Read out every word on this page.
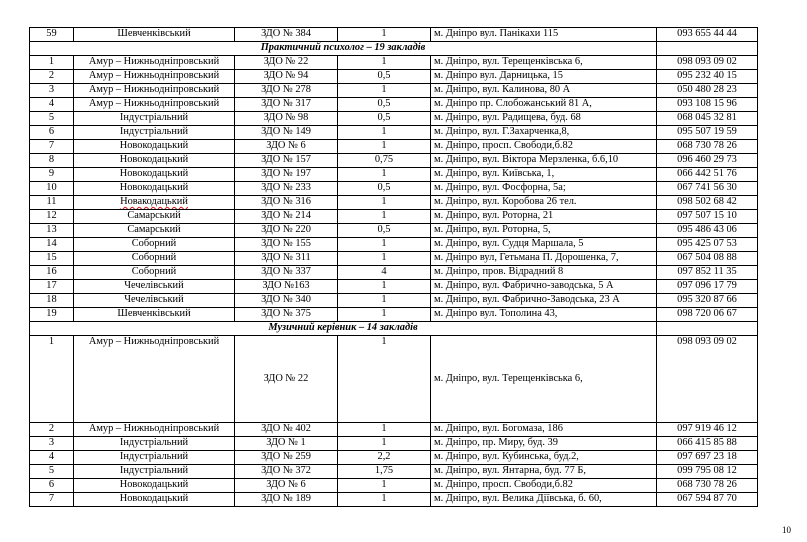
59	Шевченківський	ЗДО № 384	1	м. Дніпро вул. Панікахи 115	093 655 44 44
Практичний психолог – 19 закладів					
1	Амур – Нижньодніпровський	ЗДО № 22	1	м. Дніпро, вул. Терещенківська 6,	098 093 09 02
2	Амур – Нижньодніпровський	ЗДО № 94	0,5	м. Дніпро вул. Дарницька, 15	095 232 40 15
3	Амур – Нижньодніпровський	ЗДО № 278	1	м. Дніпро, вул. Калинова, 80 А	050 480 28 23
4	Амур – Нижньодніпровський	ЗДО № 317	0,5	м. Дніпро пр. Слобожанський 81 А,	093 108 15 96
5	Індустріальний	ЗДО № 98	0,5	м. Дніпро, вул. Радищева, буд. 68	068 045 32 81
6	Індустріальний	ЗДО № 149	1	м. Дніпро, вул. Г.Захарченка,8,	095 507 19 59
7	Новокодацький	ЗДО № 6	1	м. Дніпро, просп. Свободи,б.82	068 730 78 26
8	Новокодацький	ЗДО № 157	0,75	м. Дніпро, вул. Віктора Мерзленка, б.6,10	096 460 29 73
9	Новокодацький	ЗДО № 197	1	м. Дніпро, вул. Київська, 1,	066 442 51 76
10	Новокодацький	ЗДО № 233	0,5	м. Дніпро, вул. Фосфорна, 5а;	067 741 56 30
11	Новакодацький	ЗДО № 316	1	м. Дніпро, вул. Коробова 26 тел.	098 502 68 42
12	Самарський	ЗДО № 214	1	м. Дніпро, вул. Роторна, 21	097 507 15 10
13	Самарський	ЗДО № 220	0,5	м. Дніпро, вул. Роторна, 5,	095 486 43 06
14	Соборний	ЗДО № 155	1	м. Дніпро, вул. Судця Маршала, 5	095 425 07 53
15	Соборний	ЗДО № 311	1	м. Дніпро вул, Гетьмана П. Дорошенка, 7,	067 504 08 88
16	Соборний	ЗДО № 337	4	м. Дніпро, пров. Відрадний 8	097 852 11 35
17	Чечелівський	ЗДО №163	1	м. Дніпро, вул. Фабрично-заводська, 5 А	097 096 17 79
18	Чечелівський	ЗДО № 340	1	м. Дніпро, вул. Фабрично-Заводська, 23 А	095 320 87 66
19	Шевченківський	ЗДО № 375	1	м. Дніпро вул. Тополина 43,	098 720 06 67
Музичний керівник – 14 закладів					
1	Амур – Нижньодніпровський	ЗДО № 22	1	м. Дніпро, вул. Терещенківська 6,	098 093 09 02
2	Амур – Нижньодніпровський	ЗДО № 402	1	м. Дніпро, вул. Богомаза, 186	097 919 46 12
3	Індустріальний	ЗДО № 1	1	м. Дніпро, пр. Миру, буд. 39	066 415 85 88
4	Індустріальний	ЗДО № 259	2,2	м. Дніпро, вул. Кубинська, буд.2,	097 697 23 18
5	Індустріальний	ЗДО № 372	1,75	м. Дніпро, вул. Янтарна, буд. 77 Б,	099 795 08 12
6	Новокодацький	ЗДО № 6	1	м. Дніпро, просп. Свободи,б.82	068 730 78 26
7	Новокодацький	ЗДО № 189	1	м. Дніпро, вул. Велика Діївська, б. 60,	067 594 87 70
10
